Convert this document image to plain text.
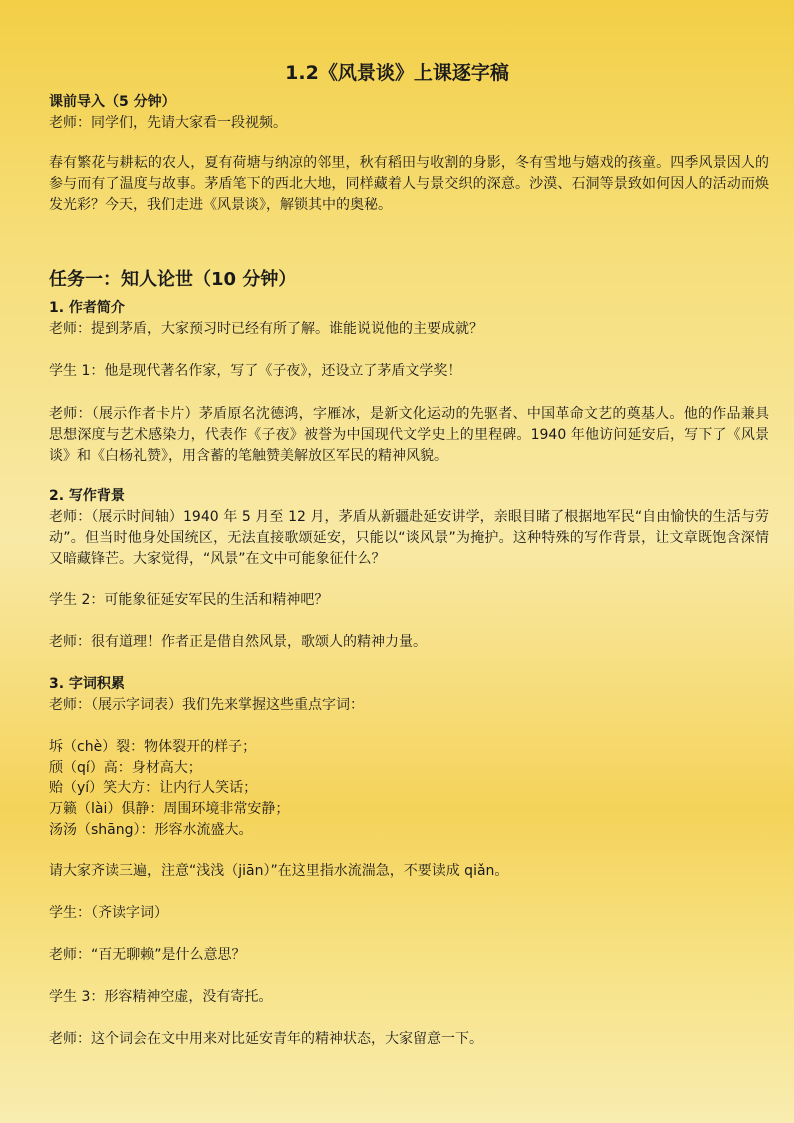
1.2《风景谈》上课逐字稿
课前导入（5 分钟）
老师：同学们，先请大家看一段视频。
春有繁花与耕耘的农人，夏有荷塘与纳凉的邻里，秋有稻田与收割的身影，冬有雪地与嬉戏的孩童。四季风景因人的参与而有了温度与故事。茅盾笔下的西北大地，同样藏着人与景交织的深意。沙漠、石洞等景致如何因人的活动而焕发光彩？今天，我们走进《风景谈》，解锁其中的奥秘。
任务一：知人论世（10 分钟）
1. 作者简介
老师：提到茅盾，大家预习时已经有所了解。谁能说说他的主要成就？
学生 1：他是现代著名作家，写了《子夜》，还设立了茅盾文学奖！
老师：（展示作者卡片）茅盾原名沈德鸿，字雁冰，是新文化运动的先驱者、中国革命文艺的奠基人。他的作品兼具思想深度与艺术感染力，代表作《子夜》被誉为中国现代文学史上的里程碑。1940 年他访问延安后，写下了《风景谈》和《白杨礼赞》，用含蓄的笔触赞美解放区军民的精神风貌。
2. 写作背景
老师：（展示时间轴）1940 年 5 月至 12 月，茅盾从新疆赴延安讲学，亲眼目睹了根据地军民“自由愉快的生活与劳动”。但当时他身处国统区，无法直接歌颂延安，只能以“谈风景”为掩护。这种特殊的写作背景，让文章既饱含深情又暗藏锋芒。大家觉得，“风景”在文中可能象征什么？
学生 2：可能象征延安军民的生活和精神吧？
老师：很有道理！作者正是借自然风景，歌颂人的精神力量。
3. 字词积累
老师：（展示字词表）我们先来掌握这些重点字词：
坼（chè）裂：物体裂开的样子；
颀（qí）高：身材高大；
贻（yí）笑大方：让内行人笑话；
万籁（lài）俱静：周围环境非常安静；
汤汤（shāng）：形容水流盛大。
请大家齐读三遍，注意“浅浅（jiān）”在这里指水流湍急，不要读成 qiǎn。
学生：（齐读字词）
老师：“百无聊赖”是什么意思？
学生 3：形容精神空虚，没有寄托。
老师：这个词会在文中用来对比延安青年的精神状态，大家留意一下。
